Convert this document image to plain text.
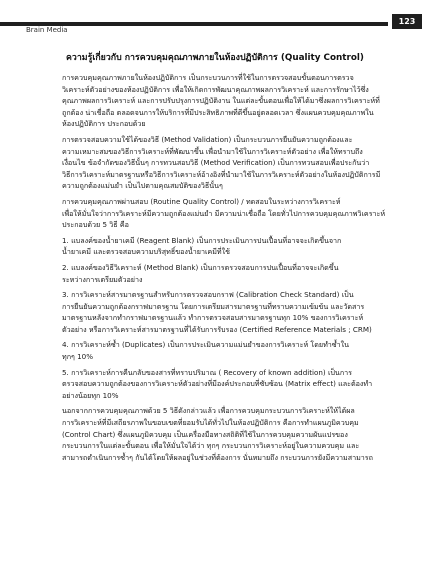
123
Brain Media
ความรู้เกี่ยวกับ การควบคุมคุณภาพภายในห้องปฏิบัติการ (Quality Control)
การควบคุมคุณภาพภายในห้องปฏิบัติการ เป็นกระบวนการที่ใช้ในการตรวจสอบขั้นตอนการตรวจ
วิเคราะห์ตัวอย่างของห้องปฏิบัติการ เพื่อให้เกิดการพัฒนาคุณภาพผลการวิเคราะห์ และการรักษาไว้ซึ่ง
คุณภาพผลการวิเคราะห์ และการปรับปรุงการปฏิบัติงาน ในแต่ละขั้นตอนเพื่อให้ได้มาซึ่งผลการวิเคราะห์ที่
ถูกต้อง น่าเชื่อถือ ตลอดจนการให้บริการที่มีประสิทธิภาพที่ดีขึ้นอยู่ตลอดเวลา ซึ่งแผนควบคุมคุณภาพใน
ห้องปฏิบัติการ ประกอบด้วย
การตรวจสอบความใช้ได้ของวิธี (Method Validation) เป็นกระบวนการยืนยันความถูกต้องและ
ความเหมาะสมของวิธีการวิเคราะห์ที่พัฒนาขึ้น เพื่อนำมาใช้ในการวิเคราะห์ตัวอย่าง เพื่อให้ทราบถึง
เงื่อนไข ข้อจำกัดของวิธีนั้นๆ การทวนสอบวิธี (Method Verification) เป็นการทวนสอบเพื่อประกันว่า
วิธีการวิเคราะห์มาตรฐานหรือวิธีการวิเคราะห์อ้างอิงที่นำมาใช้ในการวิเคราะห์ตัวอย่างในห้องปฏิบัติการมี
ความถูกต้องแม่นยำ เป็นไปตามคุณสมบัติของวิธีนั้นๆ
การควบคุมคุณภาพผ่านสอบ (Routine Quality Control) / ทดสอบในระหว่างการวิเคราะห์
เพื่อให้มั่นใจว่าการวิเคราะห์มีความถูกต้องแม่นยำ มีความน่าเชื่อถือ โดยทั่วไปการควบคุมคุณภาพวิเคราะห์
ประกอบด้วย 5 วิธี คือ
1. แบลงค์ของน้ำยาเคมี (Reagent Blank) เป็นการประเมินการปนเปื้อนที่อาจจะเกิดขึ้นจาก
น้ำยาเคมี และตรวจสอบความบริสุทธิ์ของน้ำยาเคมีที่ใช้
2. แบลงค์ของวิธีวิเคราะห์ (Method Blank) เป็นการตรวจสอบการปนเปื้อนที่อาจจะเกิดขึ้น
ระหว่างการเตรียมตัวอย่าง
3. การวิเคราะห์สารมาตรฐานสำหรับการตรวจสอบกราฟ (Calibration Check Standard) เป็น
การยืนยันความถูกต้องกราฟมาตรฐาน โดยการเตรียมสารมาตรฐานที่ทราบความเข้มข้น และวัดสาร
มาตรฐานหลังจากทำกราฟมาตรฐานแล้ว ทำการตรวจสอบสารมาตรฐานทุก 10% ของการวิเคราะห์
ตัวอย่าง หรือการวิเคราะห์สารมาตรฐานที่ได้รับการรับรอง (Certified Reference Materials ; CRM)
4. การวิเคราะห์ซ้ำ (Duplicates) เป็นการประเมินความแม่นยำของการวิเคราะห์ โดยทำซ้ำใน
ทุกๆ 10%
5. การวิเคราะห์การคืนกลับของสารที่ทราบปริมาณ ( Recovery of known addition) เป็นการ
ตรวจสอบความถูกต้องของการวิเคราะห์ตัวอย่างที่มีองค์ประกอบที่ซับซ้อน (Matrix effect) และต้องทำ
อย่างน้อยทุก 10%
นอกจากการควบคุมคุณภาพด้วย 5 วิธีดังกล่าวแล้ว เพื่อการควบคุมกระบวนการวิเคราะห์ให้ได้ผล
การวิเคราะห์ที่มีเสถียรภาพในขอบเขตที่ยอมรับได้ทั่วไปในห้องปฏิบัติการ คือการทำแผนภูมิควบคุม
(Control Chart) ซึ่งแผนภูมิควบคุม เป็นเครื่องมือทางสถิติที่ใช้ในการควบคุมความผันแปรของ
กระบวนการในแต่ละขั้นตอน เพื่อให้มั่นใจได้ว่า ทุกๆ กระบวนการวิเคราะห์อยู่ในความควบคุม และ
สามารถดำเนินการซ้ำๆ กันได้โดยให้ผลอยู่ในช่วงที่ต้องการ นั่นหมายถึง กระบวนการยังมีความสามารถ
